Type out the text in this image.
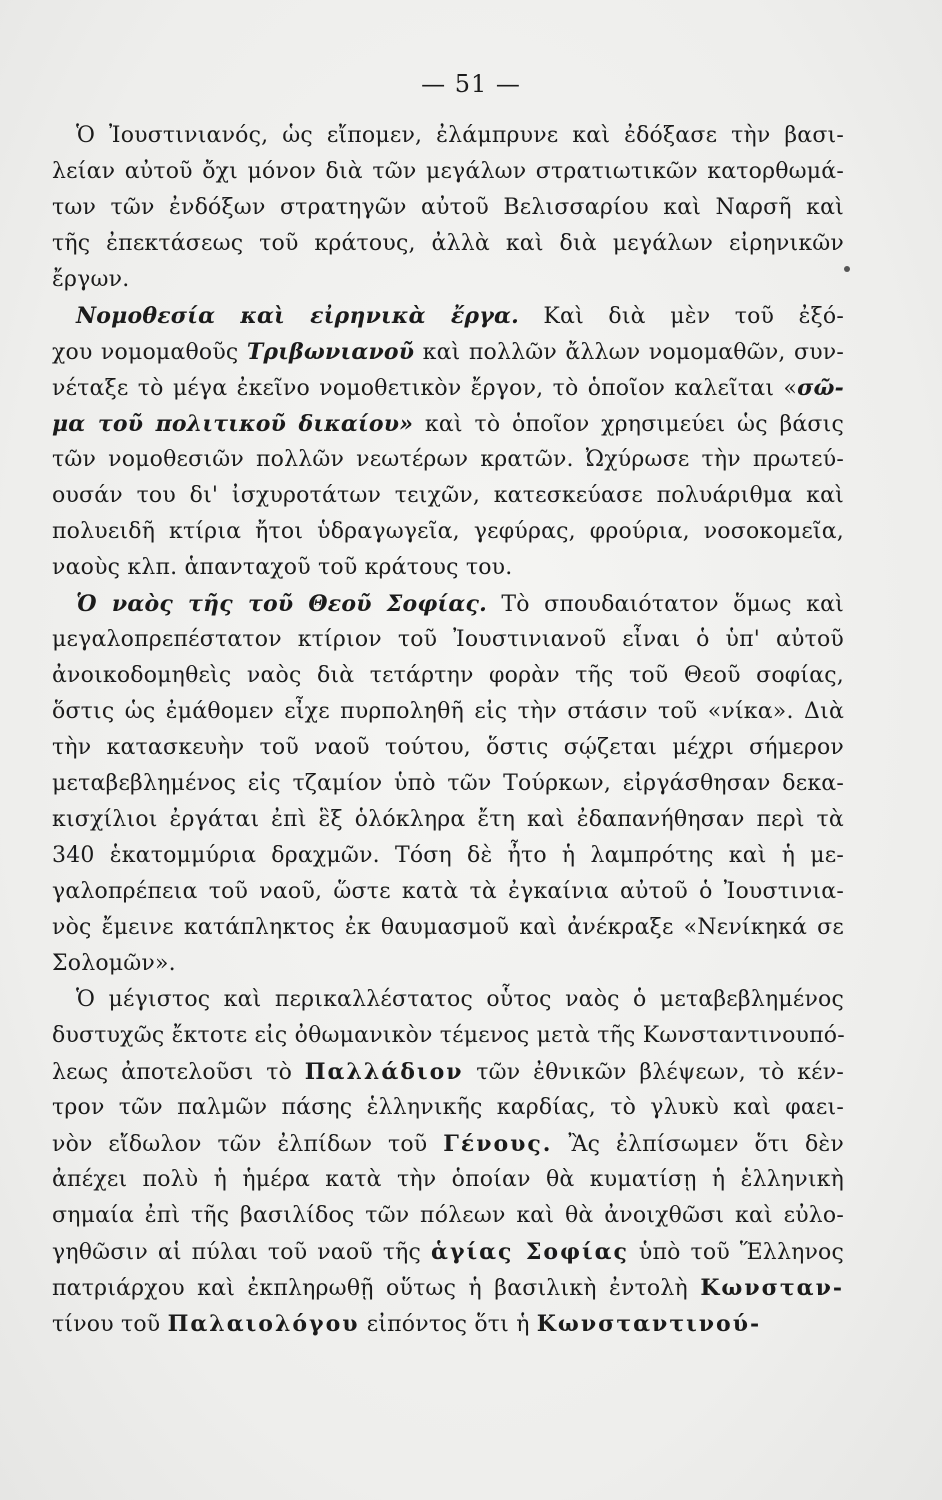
— 51 —
Ὁ Ἰουστινιανός, ὡς εἴπομεν, ἐλάμπρυνε καὶ ἐδόξασε τὴν βασι-
λείαν αὐτοῦ ὄχι μόνον διὰ τῶν μεγάλων στρατιωτικῶν κατορθωμά-
των τῶν ἐνδόξων στρατηγῶν αὐτοῦ Βελισσαρίου καὶ Ναρσῆ καὶ
τῆς ἐπεκτάσεως τοῦ κράτους, ἀλλὰ καὶ διὰ μεγάλων εἰρηνικῶν
ἔργων.
Νομοθεσία καὶ εἰρηνικὰ ἔργα. Καὶ διὰ μὲν τοῦ ἐξό-
χου νομομαθοῦς Τριβωνιανοῦ καὶ πολλῶν ἄλλων νομομαθῶν, συν-
νέταξε τὸ μέγα ἐκεῖνο νομοθετικὸν ἔργον, τὸ ὁποῖον καλεῖται «σῶ-
μα τοῦ πολιτικοῦ δικαίου» καὶ τὸ ὁποῖον χρησιμεύει ὡς βάσις
τῶν νομοθεσιῶν πολλῶν νεωτέρων κρατῶν. Ὠχύρωσε τὴν πρωτεύ-
ουσάν του δι' ἰσχυροτάτων τειχῶν, κατεσκεύασε πολυάριθμα καὶ
πολυειδῆ κτίρια ἤτοι ὑδραγωγεῖα, γεφύρας, φρούρια, νοσοκομεῖα,
ναοὺς κλπ. ἁπανταχοῦ τοῦ κράτους του.
Ὁ ναὸς τῆς τοῦ Θεοῦ Σοφίας. Τὸ σπουδαιότατον ὅμως καὶ
μεγαλοπρεπέστατον κτίριον τοῦ Ἰουστινιανοῦ εἶναι ὁ ὑπ' αὐτοῦ
ἀνοικοδομηθεὶς ναὸς διὰ τετάρτην φορὰν τῆς τοῦ Θεοῦ σοφίας,
ὅστις ὡς ἐμάθομεν εἶχε πυρποληθῆ εἰς τὴν στάσιν τοῦ «νίκα». Διὰ
τὴν κατασκευὴν τοῦ ναοῦ τούτου, ὅστις σῴζεται μέχρι σήμερον
μεταβεβλημένος εἰς τζαμίον ὑπὸ τῶν Τούρκων, εἰργάσθησαν δεκα-
κισχίλιοι ἐργάται ἐπὶ ἓξ ὁλόκληρα ἔτη καὶ ἐδαπανήθησαν περὶ τὰ
340 ἑκατομμύρια δραχμῶν. Τόση δὲ ἦτο ἡ λαμπρότης καὶ ἡ με-
γαλοπρέπεια τοῦ ναοῦ, ὥστε κατὰ τὰ ἐγκαίνια αὐτοῦ ὁ Ἰουστινια-
νὸς ἔμεινε κατάπληκτος ἐκ θαυμασμοῦ καὶ ἀνέκραξε «Νενίκηκά σε
Σολομῶν».
Ὁ μέγιστος καὶ περικαλλέστατος οὗτος ναὸς ὁ μεταβεβλημένος
δυστυχῶς ἔκτοτε εἰς ὀθωμανικὸν τέμενος μετὰ τῆς Κωνσταντινουπό-
λεως ἀποτελοῦσι τὸ Παλλάδιον τῶν ἐθνικῶν βλέψεων, τὸ κέν-
τρον τῶν παλμῶν πάσης ἑλληνικῆς καρδίας, τὸ γλυκὺ καὶ φαει-
νὸν εἴδωλον τῶν ἐλπίδων τοῦ Γένους. Ἂς ἐλπίσωμεν ὅτι δὲν
ἀπέχει πολὺ ἡ ἡμέρα κατὰ τὴν ὁποίαν θὰ κυματίσῃ ἡ ἑλληνικὴ
σημαία ἐπὶ τῆς βασιλίδος τῶν πόλεων καὶ θὰ ἀνοιχθῶσι καὶ εὐλο-
γηθῶσιν αἱ πύλαι τοῦ ναοῦ τῆς ἁγίας Σοφίας ὑπὸ τοῦ Ἕλληνος
πατριάρχου καὶ ἐκπληρωθῇ οὕτως ἡ βασιλικὴ ἐντολὴ Κωνσταν-
τίνου τοῦ Παλαιολόγου εἰπόντος ὅτι ἡ Κωνσταντινού-
